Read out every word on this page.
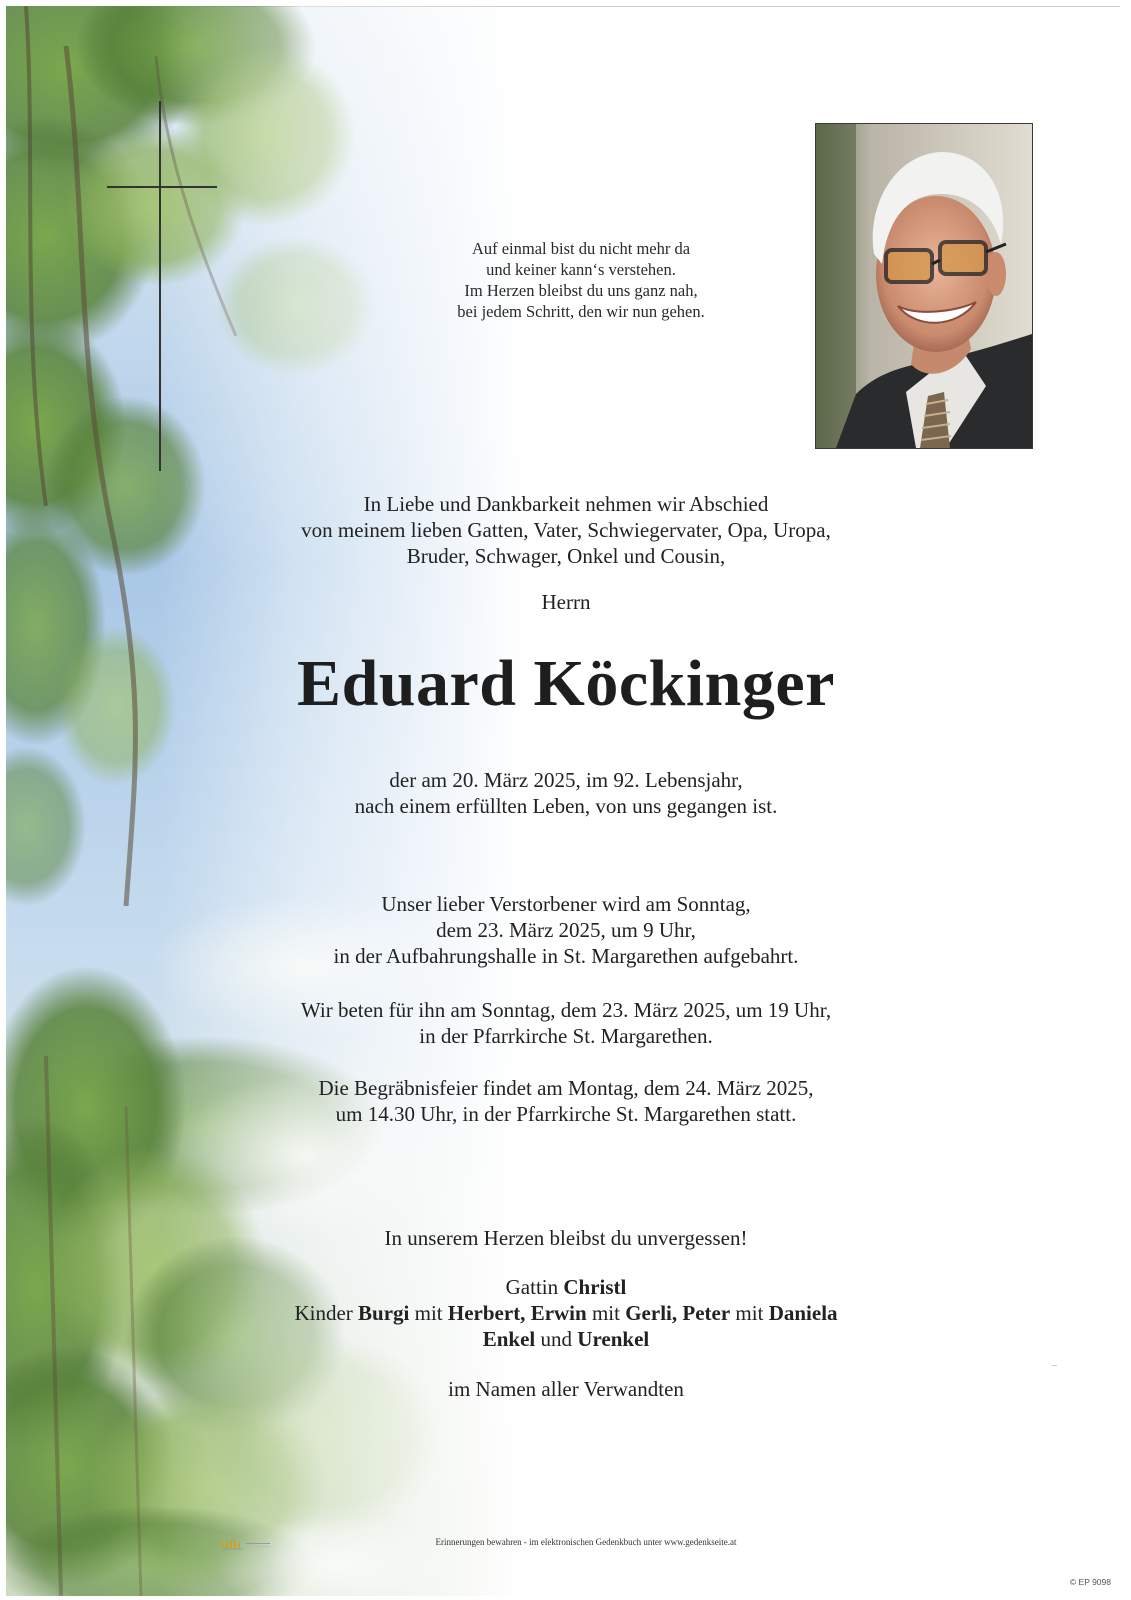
Auf einmal bist du nicht mehr da
und keiner kann‘s verstehen.
Im Herzen bleibst du uns ganz nah,
bei jedem Schritt, den wir nun gehen.
In Liebe und Dankbarkeit nehmen wir Abschied
von meinem lieben Gatten, Vater, Schwiegervater, Opa, Uropa,
Bruder, Schwager, Onkel und Cousin,
Herrn
Eduard Köckinger
der am 20. März 2025, im 92. Lebensjahr,
nach einem erfüllten Leben, von uns gegangen ist.
Unser lieber Verstorbener wird am Sonntag,
dem 23. März 2025, um 9 Uhr,
in der Aufbahrungshalle in St. Margarethen aufgebahrt.
Wir beten für ihn am Sonntag, dem 23. März 2025, um 19 Uhr,
in der Pfarrkirche St. Margarethen.
Die Begräbnisfeier findet am Montag, dem 24. März 2025,
um 14.30 Uhr, in der Pfarrkirche St. Margarethen statt.
In unserem Herzen bleibst du unvergessen!
Gattin Christl
Kinder Burgi mit Herbert, Erwin mit Gerli, Peter mit Daniela
Enkel und Urenkel
im Namen aller Verwandten
Erinnerungen bewahren - im elektronischen Gedenkbuch unter www.gedenkseite.at
© EP 9098
